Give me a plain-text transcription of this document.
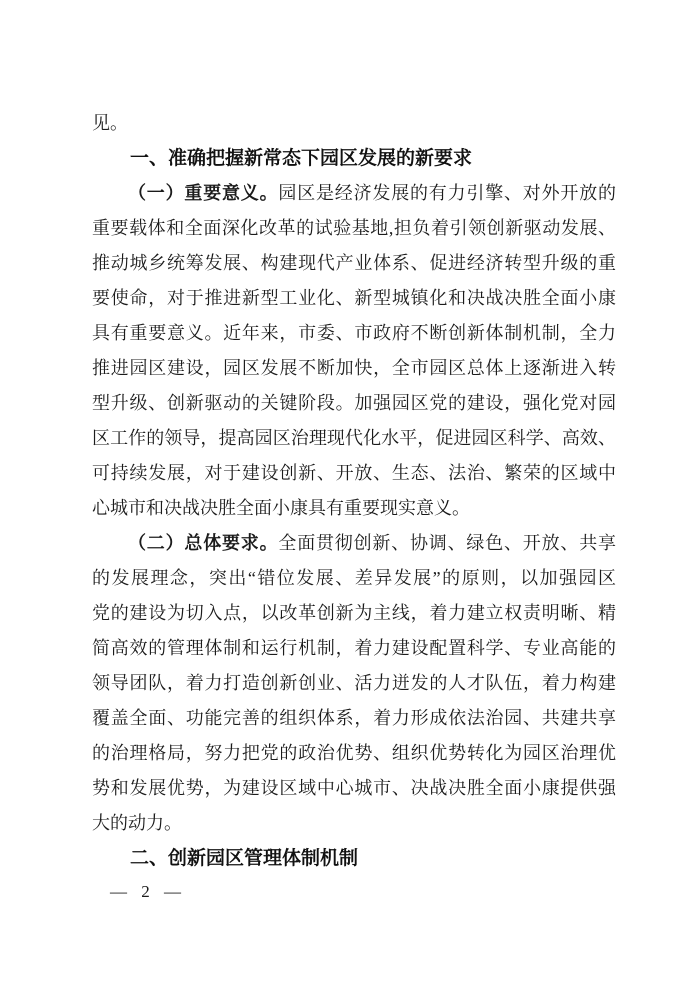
见。
一、准确把握新常态下园区发展的新要求
（一）重要意义。园区是经济发展的有力引擎、对外开放的
重要载体和全面深化改革的试验基地,担负着引领创新驱动发展、
推动城乡统筹发展、构建现代产业体系、促进经济转型升级的重
要使命，对于推进新型工业化、新型城镇化和决战决胜全面小康
具有重要意义。近年来，市委、市政府不断创新体制机制，全力
推进园区建设，园区发展不断加快，全市园区总体上逐渐进入转
型升级、创新驱动的关键阶段。加强园区党的建设，强化党对园
区工作的领导，提高园区治理现代化水平，促进园区科学、高效、
可持续发展，对于建设创新、开放、生态、法治、繁荣的区域中
心城市和决战决胜全面小康具有重要现实意义。
（二）总体要求。全面贯彻创新、协调、绿色、开放、共享
的发展理念，突出“错位发展、差异发展”的原则，以加强园区
党的建设为切入点，以改革创新为主线，着力建立权责明晰、精
简高效的管理体制和运行机制，着力建设配置科学、专业高能的
领导团队，着力打造创新创业、活力迸发的人才队伍，着力构建
覆盖全面、功能完善的组织体系，着力形成依法治园、共建共享
的治理格局，努力把党的政治优势、组织优势转化为园区治理优
势和发展优势，为建设区域中心城市、决战决胜全面小康提供强
大的动力。
二、创新园区管理体制机制
— 2 —
